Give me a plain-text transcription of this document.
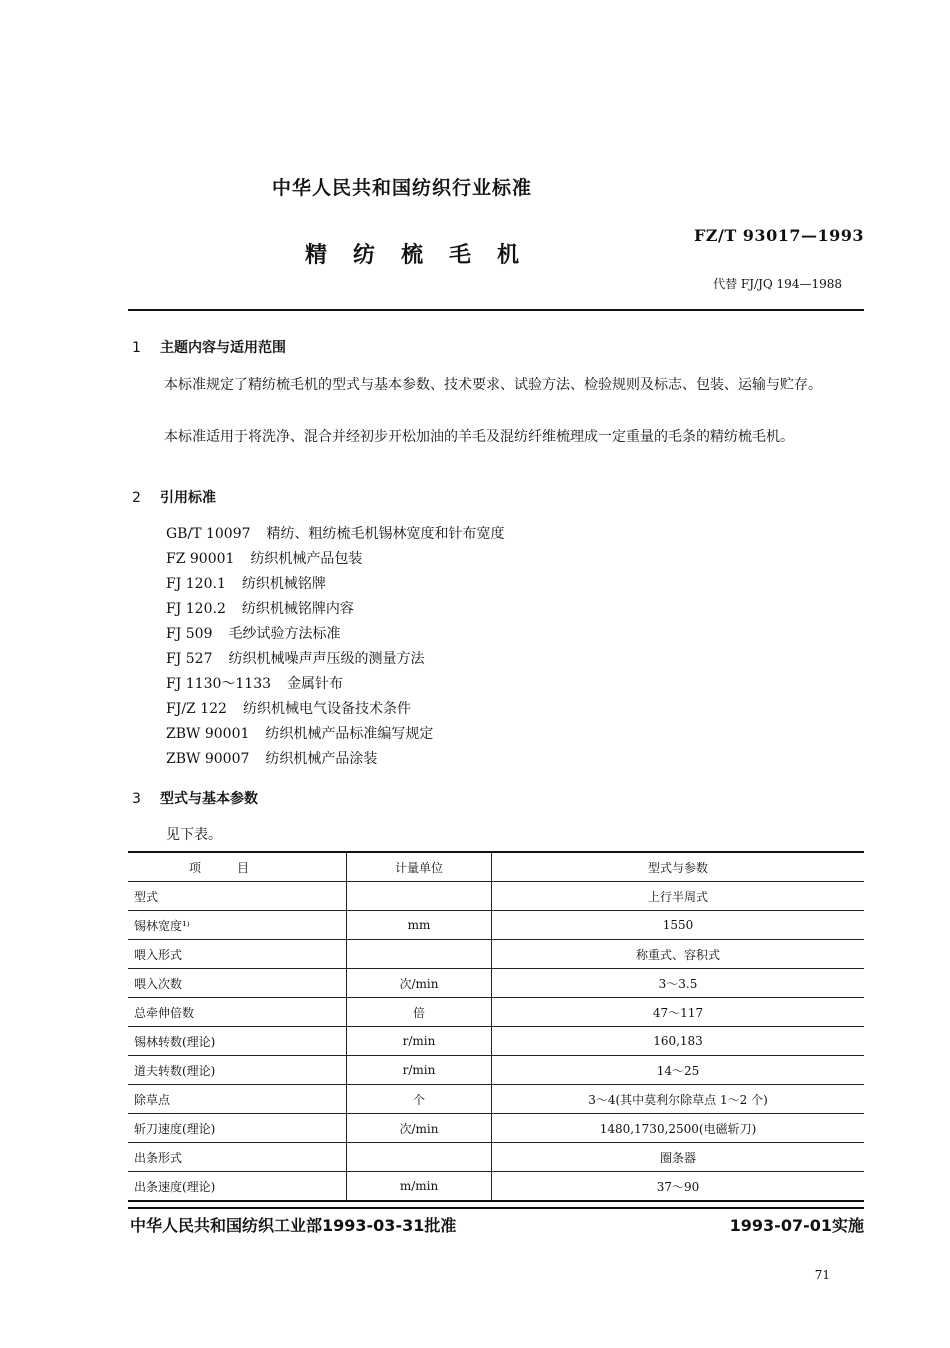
中华人民共和国纺织行业标准
精纺梳毛机
FZ/T 93017—1993
代替 FJ/JQ 194—1988
1 主题内容与适用范围
本标准规定了精纺梳毛机的型式与基本参数、技术要求、试验方法、检验规则及标志、包装、运输与贮存。
本标准适用于将洗净、混合并经初步开松加油的羊毛及混纺纤维梳理成一定重量的毛条的精纺梳毛机。
2 引用标准
GB/T 10097 精纺、粗纺梳毛机锡林宽度和针布宽度
FZ 90001 纺织机械产品包装
FJ 120.1 纺织机械铭牌
FJ 120.2 纺织机械铭牌内容
FJ 509 毛纱试验方法标准
FJ 527 纺织机械噪声声压级的测量方法
FJ 1130～1133 金属针布
FJ/Z 122 纺织机械电气设备技术条件
ZBW 90001 纺织机械产品标准编写规定
ZBW 90007 纺织机械产品涂装
3 型式与基本参数
见下表。
项目	计量单位	型式与参数
型式		上行半周式
锡林宽度¹⁾	mm	1550
喂入形式		称重式、容积式
喂入次数	次/min	3～3.5
总牵伸倍数	倍	47～117
锡林转数(理论)	r/min	160,183
道夫转数(理论)	r/min	14～25
除草点	个	3～4(其中莫利尔除草点 1～2 个)
斩刀速度(理论)	次/min	1480,1730,2500(电磁斩刀)
出条形式		圈条器
出条速度(理论)	m/min	37～90
中华人民共和国纺织工业部1993-03-31批准	1993-07-01实施
71
